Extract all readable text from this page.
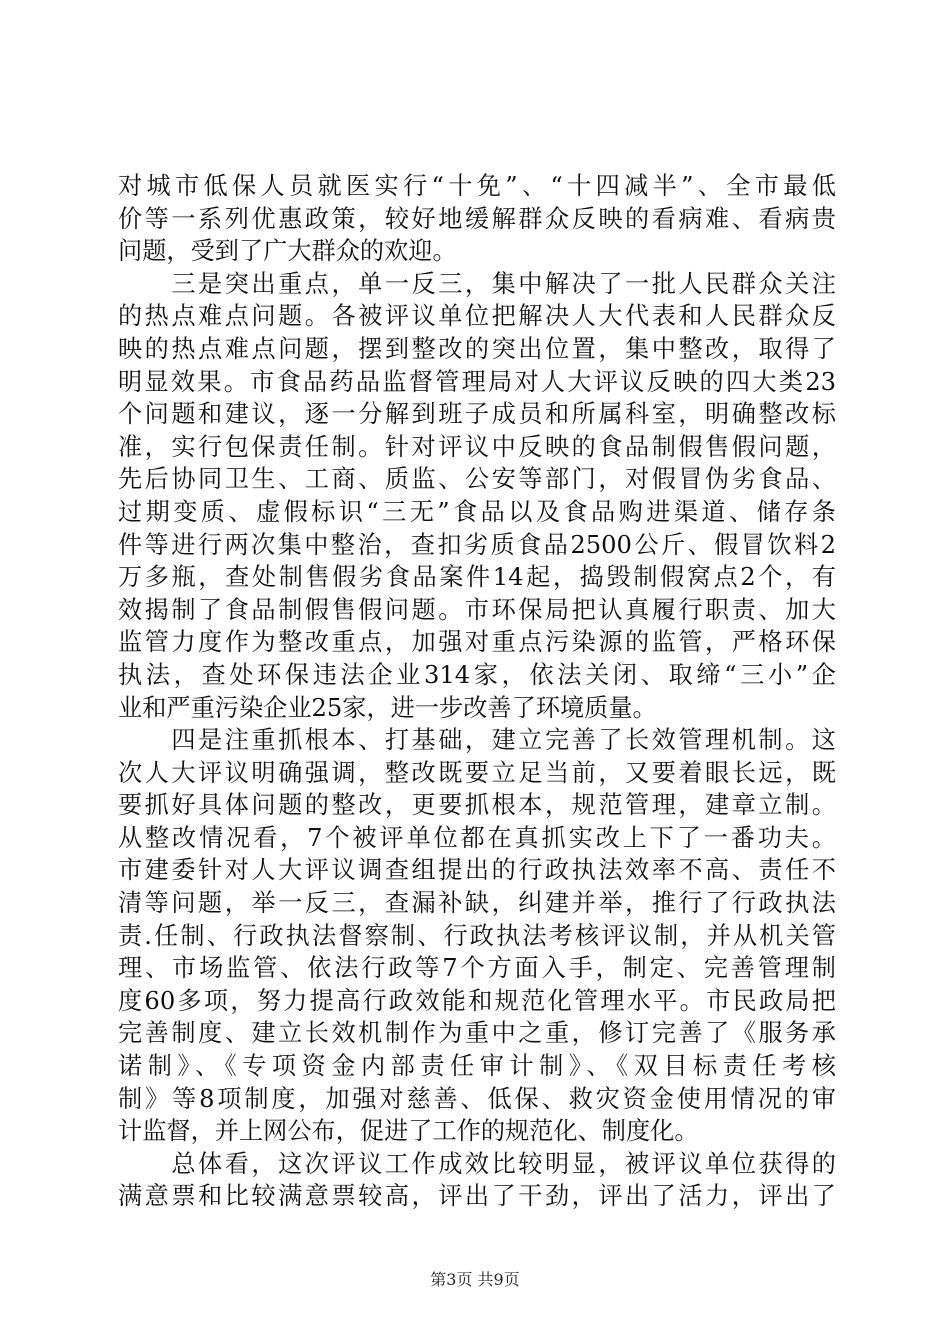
对城市低保人员就医实行“十免”、“十四减半”、全市最低
价等一系列优惠政策，较好地缓解群众反映的看病难、看病贵
问题，受到了广大群众的欢迎。
　　三是突出重点，单一反三，集中解决了一批人民群众关注
的热点难点问题。各被评议单位把解决人大代表和人民群众反
映的热点难点问题，摆到整改的突出位置，集中整改，取得了
明显效果。市食品药品监督管理局对人大评议反映的四大类23
个问题和建议，逐一分解到班子成员和所属科室，明确整改标
准，实行包保责任制。针对评议中反映的食品制假售假问题，
先后协同卫生、工商、质监、公安等部门，对假冒伪劣食品、
过期变质、虚假标识“三无”食品以及食品购进渠道、储存条
件等进行两次集中整治，查扣劣质食品2500公斤、假冒饮料2
万多瓶，查处制售假劣食品案件14起，捣毁制假窝点2个，有
效揭制了食品制假售假问题。市环保局把认真履行职责、加大
监管力度作为整改重点，加强对重点污染源的监管，严格环保
执法，查处环保违法企业314家，依法关闭、取缔“三小”企
业和严重污染企业25家，进一步改善了环境质量。
　　四是注重抓根本、打基础，建立完善了长效管理机制。这
次人大评议明确强调，整改既要立足当前，又要着眼长远，既
要抓好具体问题的整改，更要抓根本，规范管理，建章立制。
从整改情况看，7个被评单位都在真抓实改上下了一番功夫。
市建委针对人大评议调查组提出的行政执法效率不高、责任不
清等问题，举一反三，查漏补缺，纠建并举，推行了行政执法
责.任制、行政执法督察制、行政执法考核评议制，并从机关管
理、市场监管、依法行政等7个方面入手，制定、完善管理制
度60多项，努力提高行政效能和规范化管理水平。市民政局把
完善制度、建立长效机制作为重中之重，修订完善了《服务承
诺制》、《专项资金内部责任审计制》、《双目标责任考核
制》等8项制度，加强对慈善、低保、救灾资金使用情况的审
计监督，并上网公布，促进了工作的规范化、制度化。
　　总体看，这次评议工作成效比较明显，被评议单位获得的
满意票和比较满意票较高，评出了干劲，评出了活力，评出了
第3页 共9页
